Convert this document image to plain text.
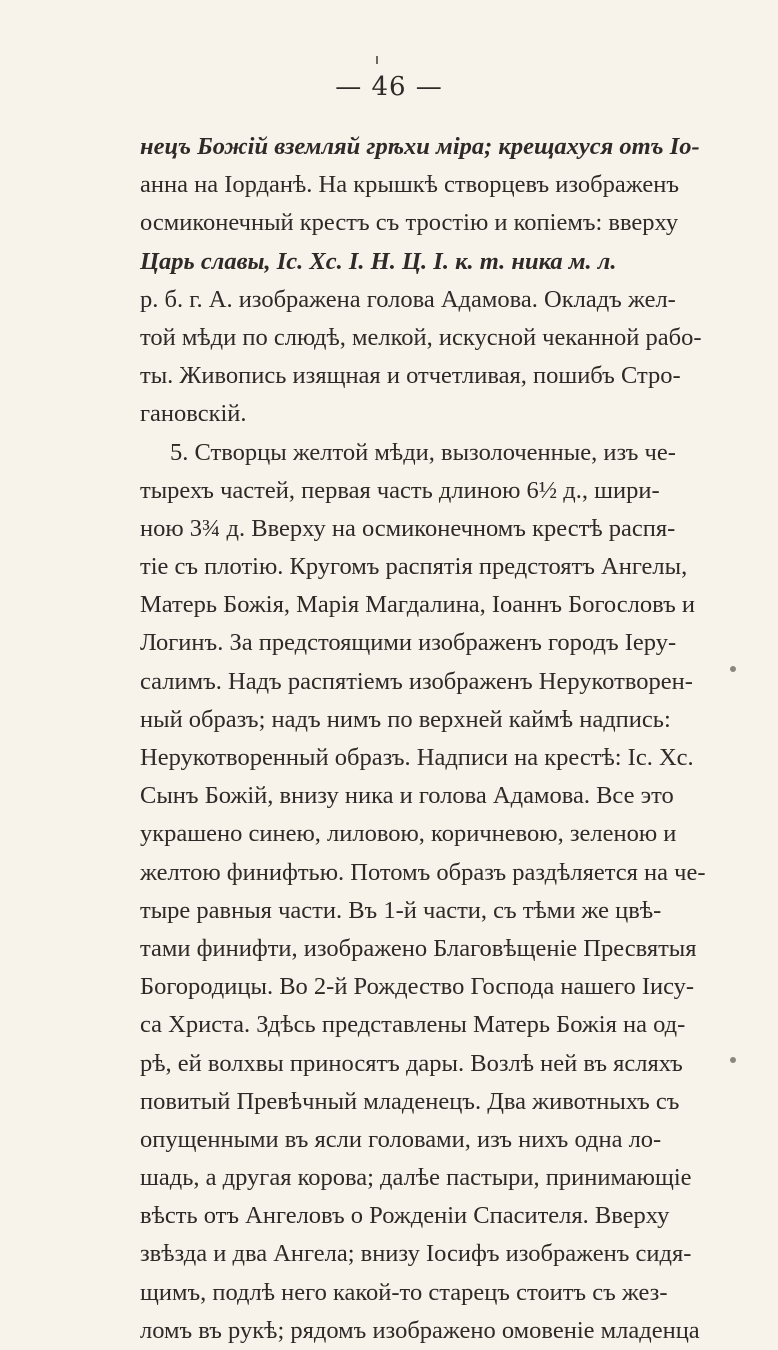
— 46 —
нецъ Божій вземляй грѣхи міра; крещахуся отъ Іо-
анна на Iорданѣ. На крышкѣ створцевъ изображенъ
осмиконечный крестъ съ тростію и копіемъ: вверху
Царь славы, Іс. Хс. І. Н. Ц. І. к. т. ника м. л.
р. б. г. А. изображена голова Адамова. Окладъ жел-
той мѣди по слюдѣ, мелкой, искусной чеканной рабо-
ты. Живопись изящная и отчетливая, пошибъ Стро-
гановскій.
5. Створцы желтой мѣди, вызолоченные, изъ че-
тырехъ частей, первая часть длиною 6½ д., шири-
ною 3¾ д. Вверху на осмиконечномъ крестѣ распя-
тіе съ плотію. Кругомъ распятія предстоятъ Ангелы,
Матерь Божія, Марія Магдалина, Іоаннъ Богословъ и
Логинъ. За предстоящими изображенъ городъ Іеру-
салимъ. Надъ распятіемъ изображенъ Нерукотворен-
ный образъ; надъ нимъ по верхней каймѣ надпись:
Нерукотворенный образъ. Надписи на крестѣ: Іс. Хс.
Сынъ Божій, внизу ника и голова Адамова. Все это
украшено синею, лиловою, коричневою, зеленою и
желтою финифтью. Потомъ образъ раздѣляется на че-
тыре равныя части. Въ 1-й части, съ тѣми же цвѣ-
тами финифти, изображено Благовѣщеніе Пресвятыя
Богородицы. Во 2-й Рождество Господа нашего Іису-
са Христа. Здѣсь представлены Матерь Божія на од-
рѣ, ей волхвы приносятъ дары. Возлѣ ней въ ясляхъ
повитый Превѣчный младенецъ. Два животныхъ съ
опущенными въ ясли головами, изъ нихъ одна ло-
шадь, а другая корова; далѣе пастыри, принимающіе
вѣсть отъ Ангеловъ о Рожденіи Спасителя. Вверху
звѣзда и два Ангела; внизу Іосифъ изображенъ сидя-
щимъ, подлѣ него какой-то старецъ стоитъ съ жез-
ломъ въ рукѣ; рядомъ изображено омовеніе младенца
